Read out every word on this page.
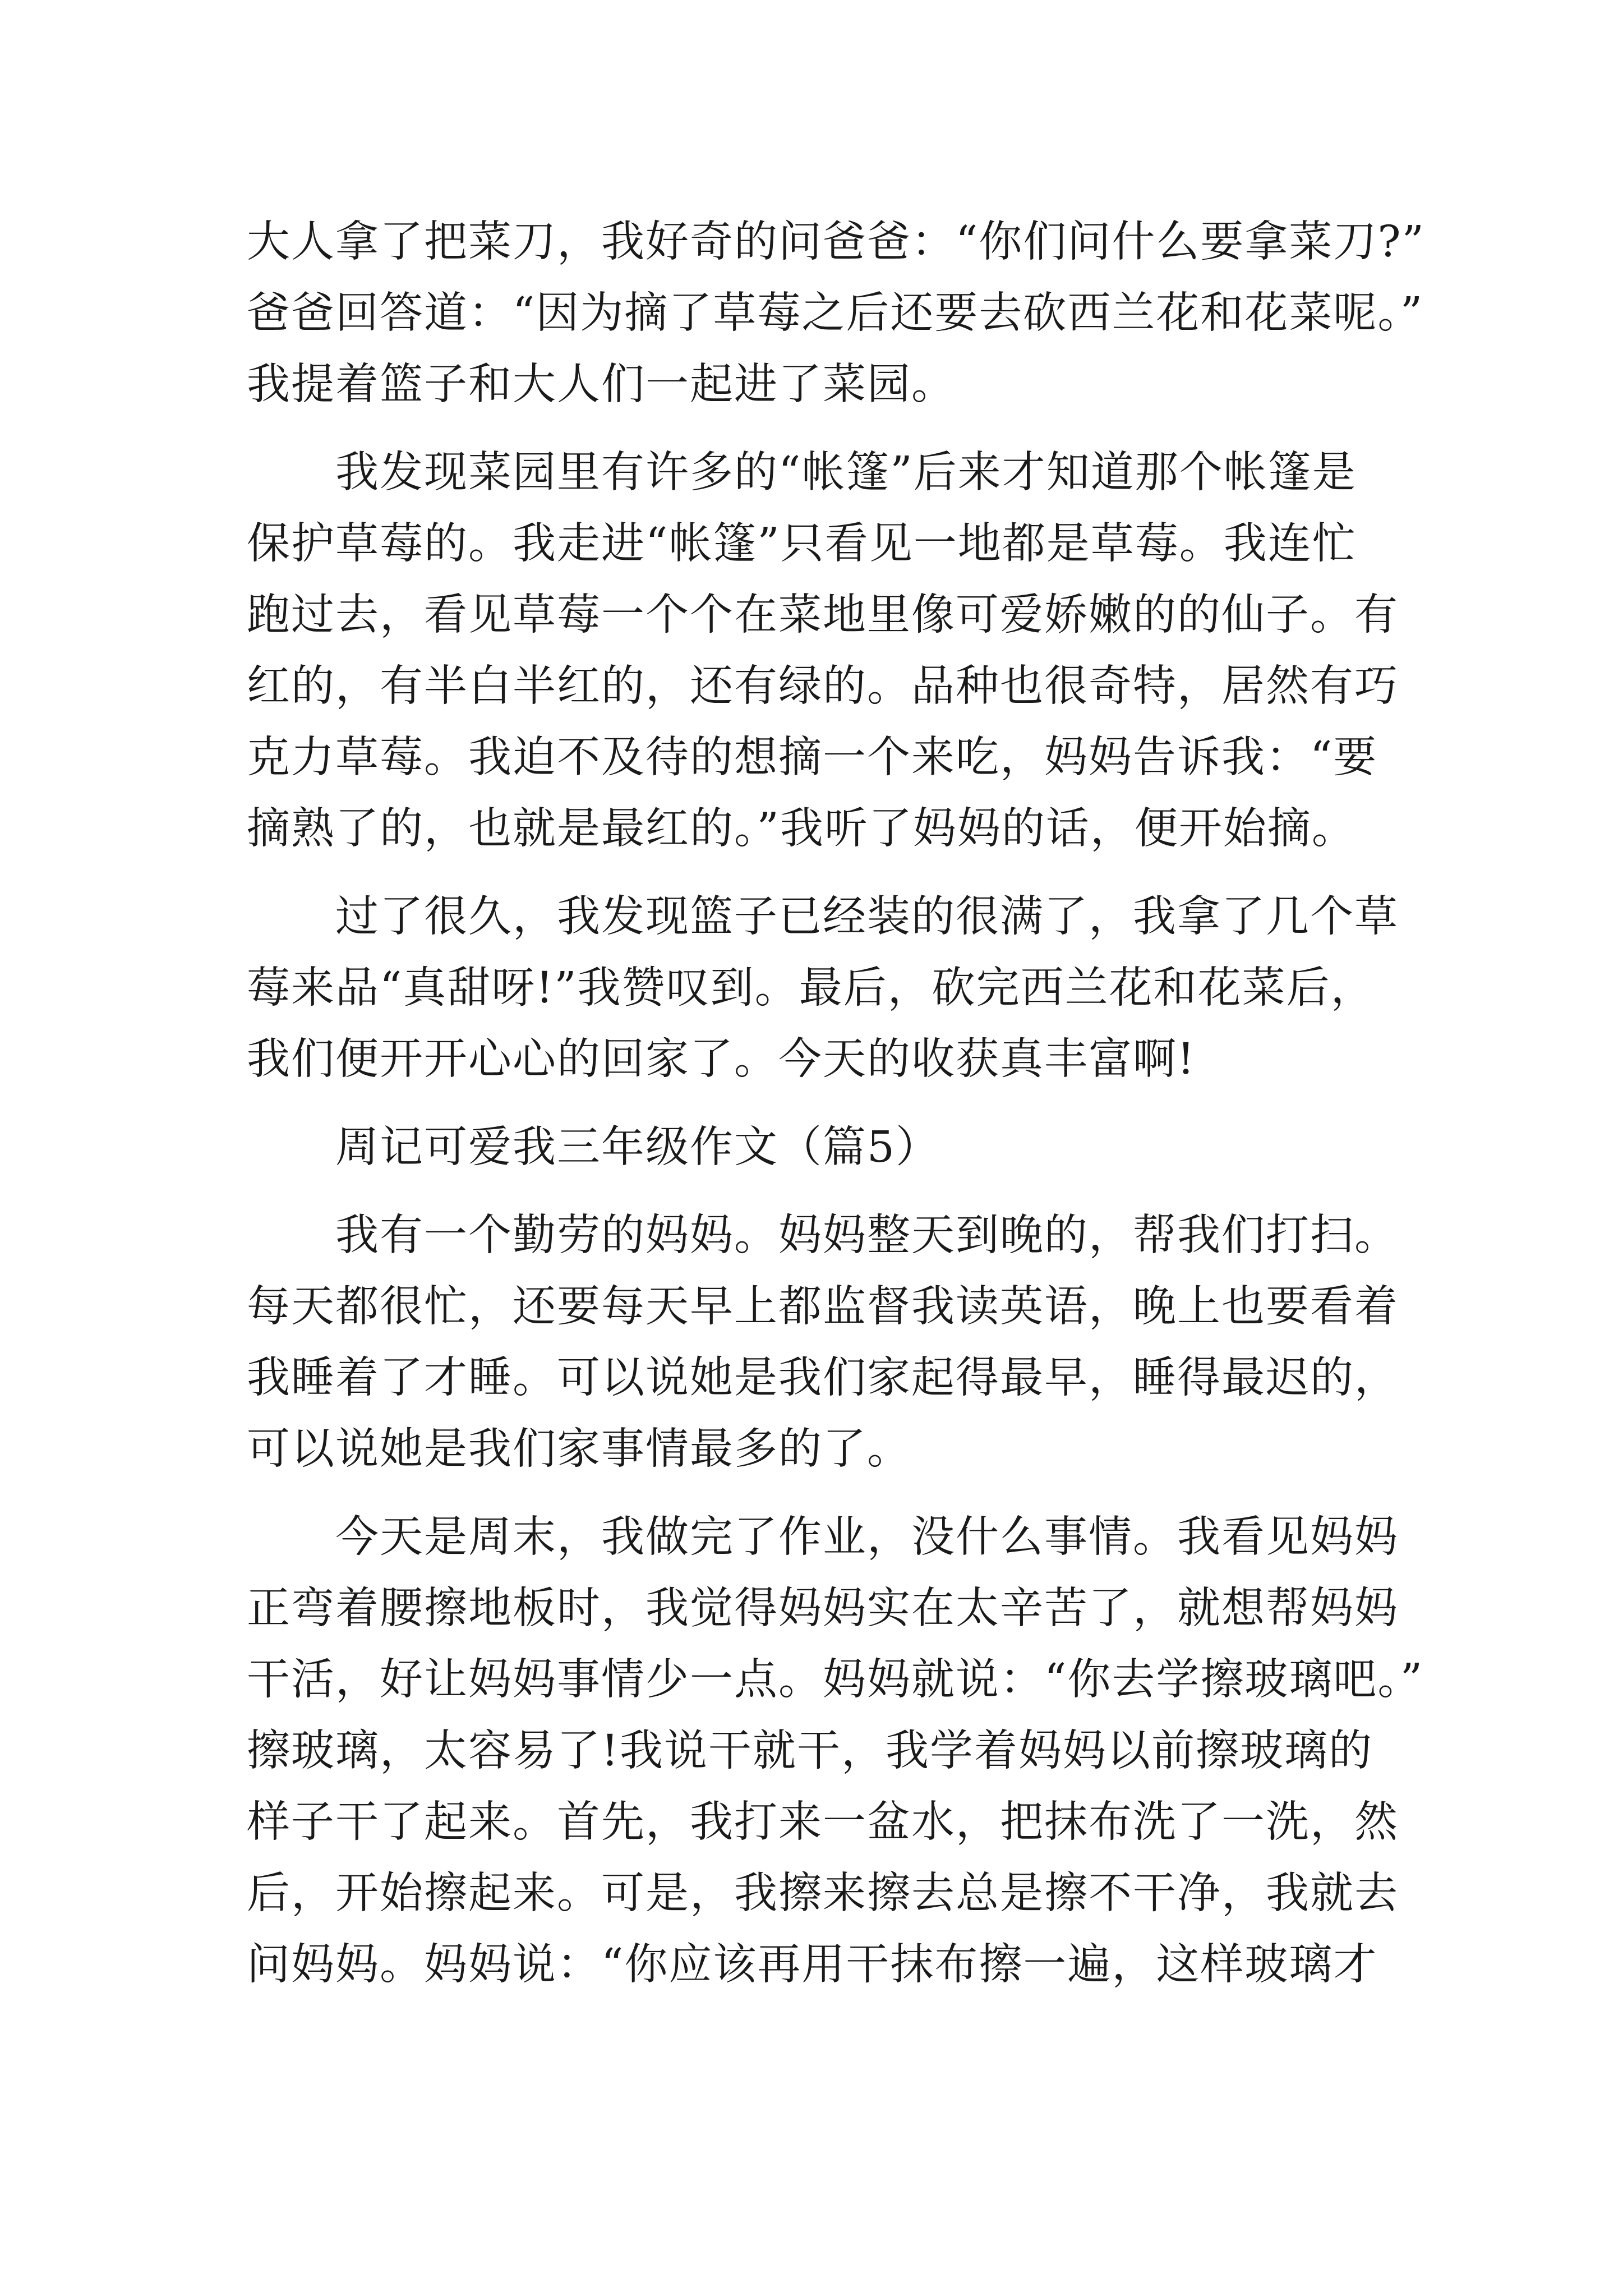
大人拿了把菜刀，我好奇的问爸爸：“你们问什么要拿菜刀?”
爸爸回答道：“因为摘了草莓之后还要去砍西兰花和花菜呢。”
我提着篮子和大人们一起进了菜园。
　　我发现菜园里有许多的“帐篷”后来才知道那个帐篷是
保护草莓的。我走进“帐篷”只看见一地都是草莓。我连忙
跑过去，看见草莓一个个在菜地里像可爱娇嫩的的仙子。有
红的，有半白半红的，还有绿的。品种也很奇特，居然有巧
克力草莓。我迫不及待的想摘一个来吃，妈妈告诉我：“要
摘熟了的，也就是最红的。”我听了妈妈的话，便开始摘。
　　过了很久，我发现篮子已经装的很满了，我拿了几个草
莓来品“真甜呀!”我赞叹到。最后，砍完西兰花和花菜后，
我们便开开心心的回家了。今天的收获真丰富啊!
　　周记可爱我三年级作文（篇5）
　　我有一个勤劳的妈妈。妈妈整天到晚的，帮我们打扫。
每天都很忙，还要每天早上都监督我读英语，晚上也要看着
我睡着了才睡。可以说她是我们家起得最早，睡得最迟的，
可以说她是我们家事情最多的了。
　　今天是周末，我做完了作业，没什么事情。我看见妈妈
正弯着腰擦地板时，我觉得妈妈实在太辛苦了，就想帮妈妈
干活，好让妈妈事情少一点。妈妈就说：“你去学擦玻璃吧。”
擦玻璃，太容易了!我说干就干，我学着妈妈以前擦玻璃的
样子干了起来。首先，我打来一盆水，把抹布洗了一洗，然
后，开始擦起来。可是，我擦来擦去总是擦不干净，我就去
问妈妈。妈妈说：“你应该再用干抹布擦一遍，这样玻璃才
